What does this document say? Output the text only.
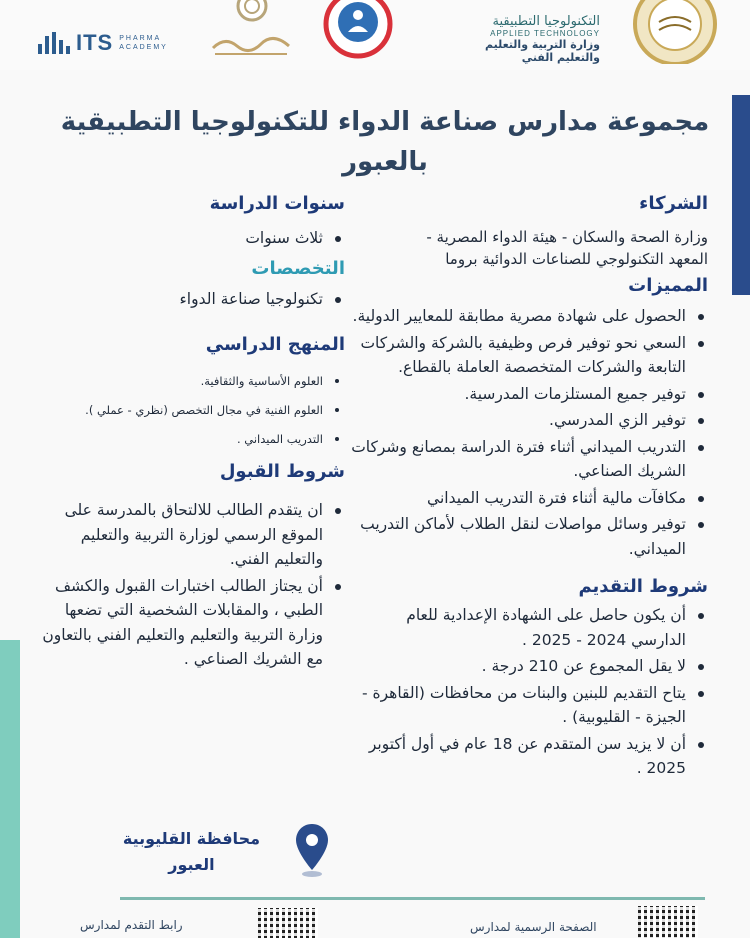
ITS PHARMA
ACADEMY
التكنولوجيا التطبيقية
APPLIED TECHNOLOGY
وزارة التربية والتعليم والتعليم الفني
مجموعة مدارس صناعة الدواء للتكنولوجيا التطبيقية بالعبور
الشركاء
وزارة الصحة والسكان - هيئة الدواء المصرية -
المعهد التكنولوجي للصناعات الدوائية بروما
المميزات
الحصول على شهادة مصرية مطابقة للمعايير الدولية.
السعي نحو توفير فرص وظيفية بالشركة والشركات التابعة والشركات المتخصصة العاملة بالقطاع.
توفير جميع المستلزمات المدرسية.
توفير الزي المدرسي.
التدريب الميداني أثناء فترة الدراسة بمصانع وشركات الشريك الصناعي.
مكافآت مالية أثناء فترة التدريب الميداني
توفير وسائل مواصلات لنقل الطلاب لأماكن التدريب الميداني.
شروط التقديم
أن يكون حاصل على الشهادة الإعدادية للعام الدارسي 2024 - 2025 .
لا يقل المجموع عن 210 درجة .
يتاح التقديم للبنين والبنات من محافظات (القاهرة - الجيزة - القليوبية) .
أن لا يزيد سن المتقدم عن 18 عام في أول أكتوبر 2025 .
سنوات الدراسة
ثلاث سنوات
التخصصات
تكنولوجيا صناعة الدواء
المنهج الدراسي
العلوم الأساسية والثقافية.
العلوم الفنية في مجال التخصص (نظري - عملي ).
التدريب الميداني .
شروط القبول
ان يتقدم الطالب للالتحاق بالمدرسة على الموقع الرسمي لوزارة التربية والتعليم والتعليم الفني.
أن يجتاز الطالب اختبارات القبول والكشف الطبي ، والمقابلات الشخصية التي تضعها وزارة التربية والتعليم والتعليم الفني بالتعاون مع الشريك الصناعي .
محافظة القليوبية
العبور
رابط التقدم لمدارس	الصفحة الرسمية لمدارس
